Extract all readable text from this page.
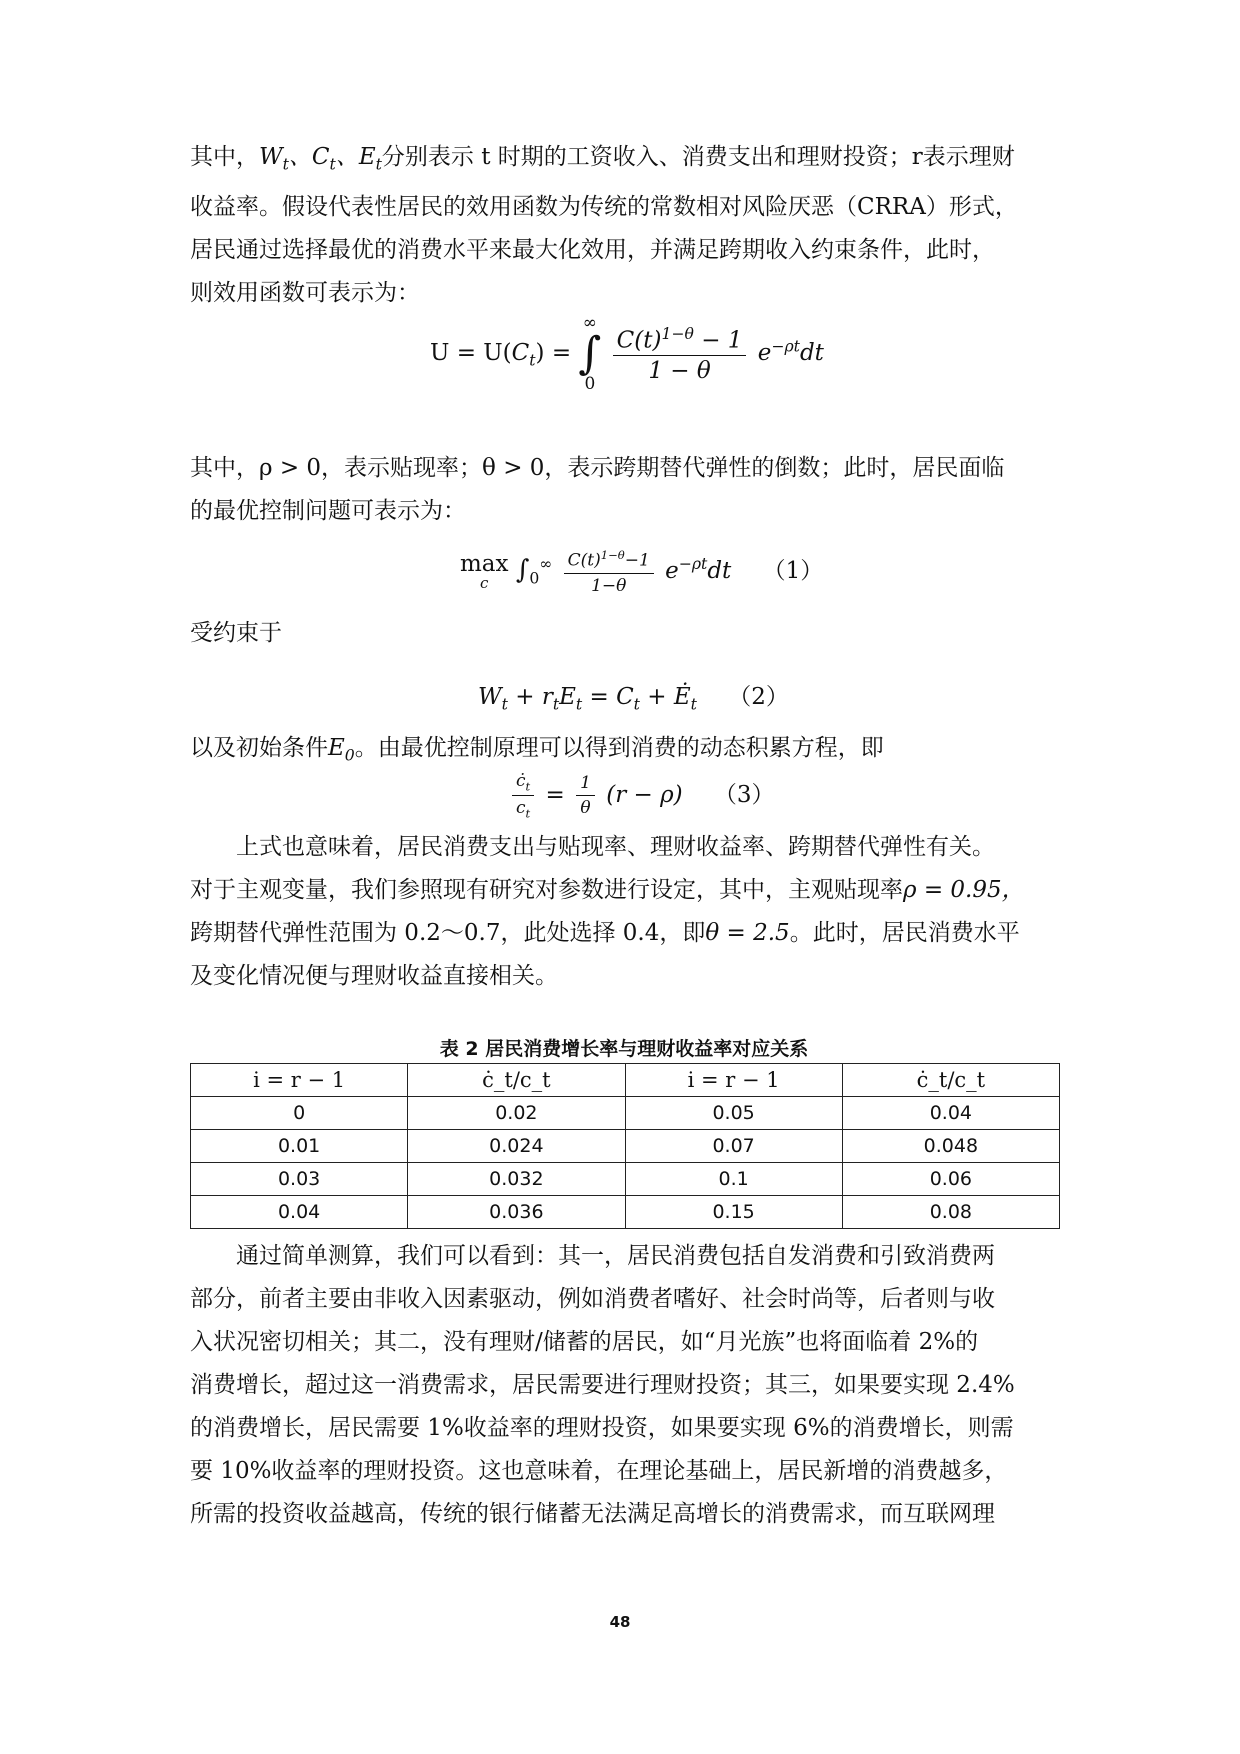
其中，$W_t$、$C_t$、$E_t$分别表示 t 时期的工资收入、消费支出和理财投资；r表示理财
收益率。假设代表性居民的效用函数为传统的常数相对风险厌恶（CRRA）形式，
居民通过选择最优的消费水平来最大化效用，并满足跨期收入约束条件，此时，
则效用函数可表示为：
$U = U(C_t)$ =
∞
∫
0
$\frac{C(t)^{1-\theta} - 1}{1 - \theta} e^{-\rho t}dt$
其中，ρ > 0，表示贴现率；θ > 0，表示跨期替代弹性的倒数；此时，居民面临
的最优控制问题可表示为：
max
c $\int_0^\infty \frac{C(t)^{1-\theta}-1}{1-\theta} e^{-\rho t}dt$ （1）
受约束于
$W_t + r_tE_t = C_t$ + $Ė_t$ （2）
以及初始条件$E_0$。由最优控制原理可以得到消费的动态积累方程，即
$\frac{ċ_t}{c_t} = \frac{1}{\theta} (r - \rho)$ （3）
上式也意味着，居民消费支出与贴现率、理财收益率、跨期替代弹性有关。
对于主观变量，我们参照现有研究对参数进行设定，其中，主观贴现率ρ = 0.95，
跨期替代弹性范围为 0.2～0.7，此处选择 0.4，即θ = 2.5。此时，居民消费水平
及变化情况便与理财收益直接相关。
表 2 居民消费增长率与理财收益率对应关系
i = r − 1	ċ_t/c_t	i = r − 1	ċ_t/c_t
0	0.02	0.05	0.04
0.01	0.024	0.07	0.048
0.03	0.032	0.1	0.06
0.04	0.036	0.15	0.08
通过简单测算，我们可以看到：其一，居民消费包括自发消费和引致消费两
部分，前者主要由非收入因素驱动，例如消费者嗜好、社会时尚等，后者则与收
入状况密切相关；其二，没有理财/储蓄的居民，如“月光族”也将面临着 2%的
消费增长，超过这一消费需求，居民需要进行理财投资；其三，如果要实现 2.4%
的消费增长，居民需要 1%收益率的理财投资，如果要实现 6%的消费增长，则需
要 10%收益率的理财投资。这也意味着，在理论基础上，居民新增的消费越多，
所需的投资收益越高，传统的银行储蓄无法满足高增长的消费需求，而互联网理
48
